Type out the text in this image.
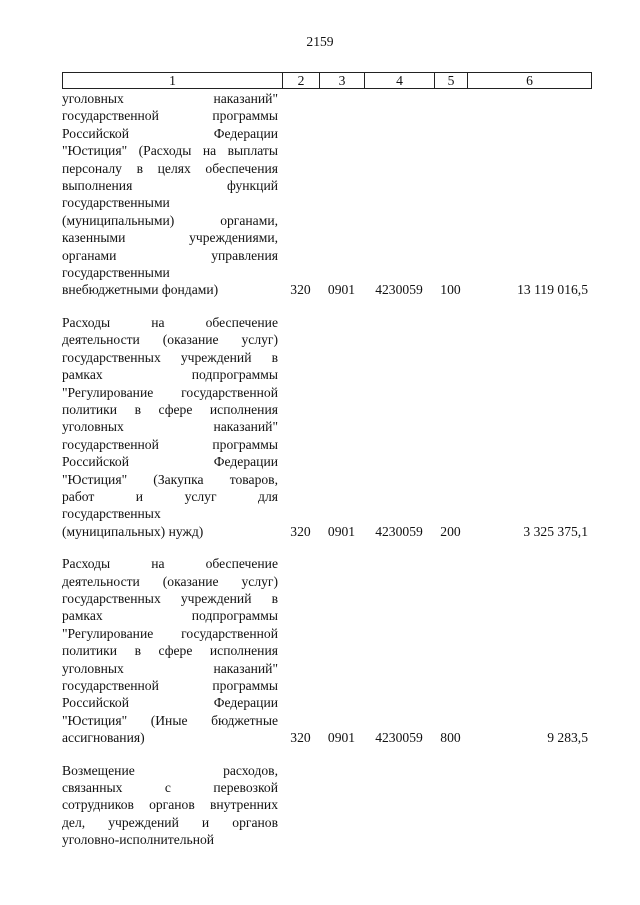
2159
1	2	3	4	5	6
уголовных наказаний"
государственной программы
Российской Федерации
"Юстиция" (Расходы на выплаты
персоналу в целях обеспечения
выполнения функций
государственными
(муниципальными) органами,
казенными учреждениями,
органами управления
государственными
внебюджетными фондами)	320	0901	4230059	100	13 119 016,5
Расходы на обеспечение
деятельности (оказание услуг)
государственных учреждений в
рамках подпрограммы
"Регулирование государственной
политики в сфере исполнения
уголовных наказаний"
государственной программы
Российской Федерации
"Юстиция" (Закупка товаров,
работ и услуг для
государственных
(муниципальных) нужд)	320	0901	4230059	200	3 325 375,1
Расходы на обеспечение
деятельности (оказание услуг)
государственных учреждений в
рамках подпрограммы
"Регулирование государственной
политики в сфере исполнения
уголовных наказаний"
государственной программы
Российской Федерации
"Юстиция" (Иные бюджетные
ассигнования)	320	0901	4230059	800	9 283,5
Возмещение расходов,
связанных с перевозкой
сотрудников органов внутренних
дел, учреждений и органов
уголовно-исполнительной
